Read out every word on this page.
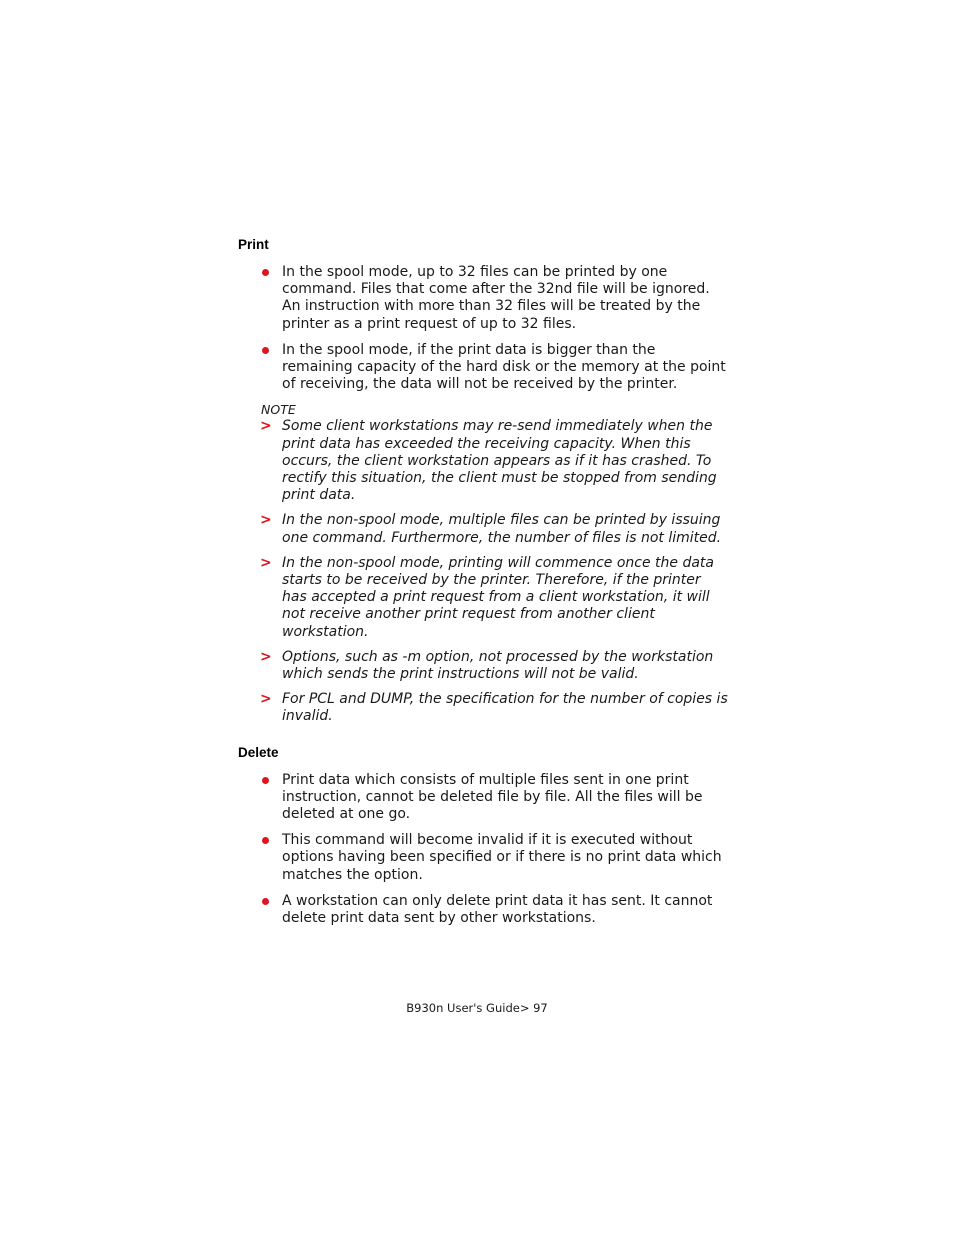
Print
In the spool mode, up to 32 files can be printed by one command. Files that come after the 32nd file will be ignored. An instruction with more than 32 files will be treated by the printer as a print request of up to 32 files.
In the spool mode, if the print data is bigger than the remaining capacity of the hard disk or the memory at the point of receiving, the data will not be received by the printer.
NOTE
> Some client workstations may re-send immediately when the print data has exceeded the receiving capacity. When this occurs, the client workstation appears as if it has crashed. To rectify this situation, the client must be stopped from sending print data.
> In the non-spool mode, multiple files can be printed by issuing one command. Furthermore, the number of files is not limited.
> In the non-spool mode, printing will commence once the data starts to be received by the printer. Therefore, if the printer has accepted a print request from a client workstation, it will not receive another print request from another client workstation.
> Options, such as -m option, not processed by the workstation which sends the print instructions will not be valid.
> For PCL and DUMP, the specification for the number of copies is invalid.
Delete
Print data which consists of multiple files sent in one print instruction, cannot be deleted file by file. All the files will be deleted at one go.
This command will become invalid if it is executed without options having been specified or if there is no print data which matches the option.
A workstation can only delete print data it has sent. It cannot delete print data sent by other workstations.
B930n User's Guide> 97
